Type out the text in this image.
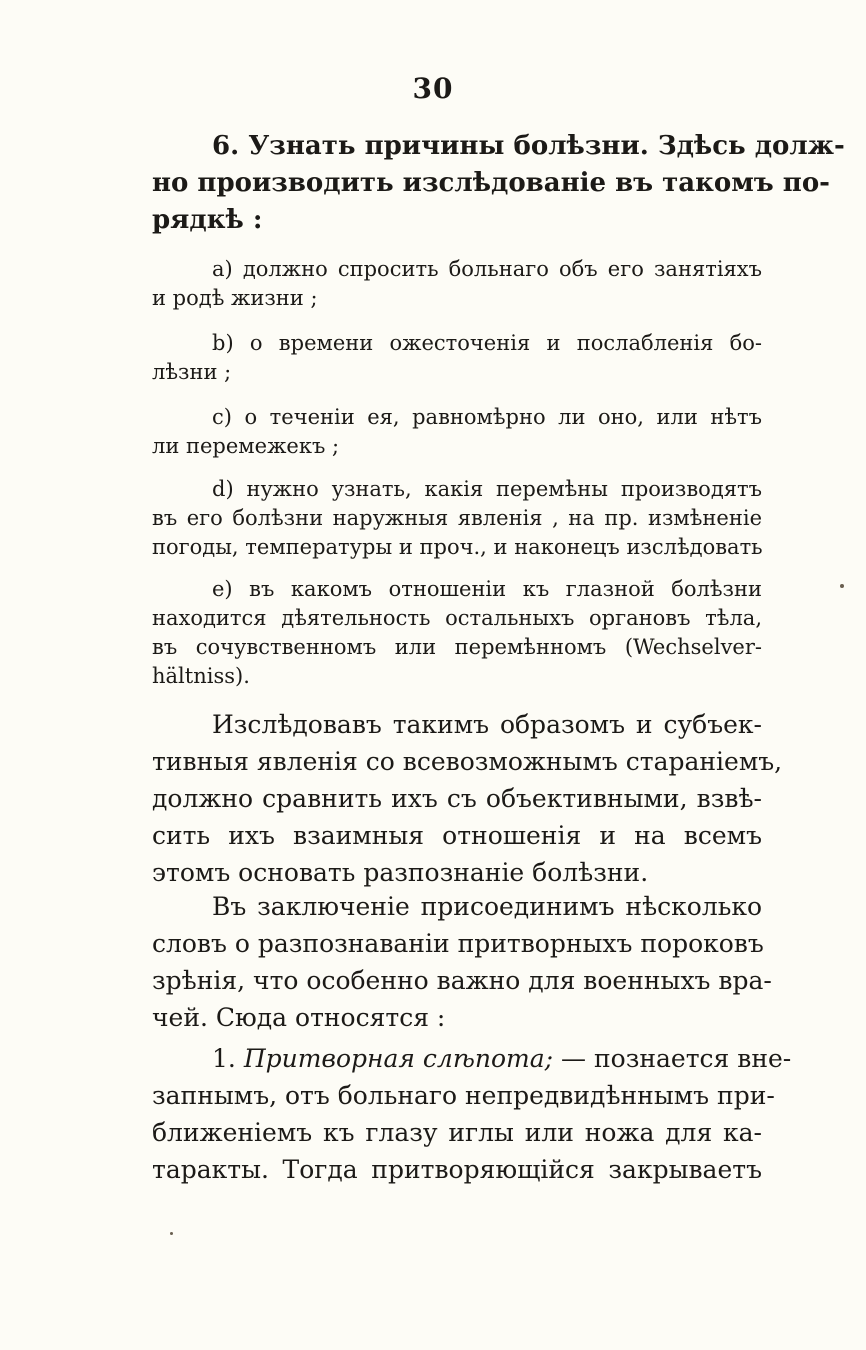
30
6. Узнать причины болѣзни. Здѣсь долж-
но производить изслѣдованіе въ такомъ по-
рядкѣ :
а) должно спросить больнаго объ его занятіяхъ
и родѣ жизни ;
b) о времени ожесточенія и послабленія бо-
лѣзни ;
с) о теченіи ея, равномѣрно ли оно, или нѣтъ
ли перемежекъ ;
d) нужно узнать, какія перемѣны производятъ
въ его болѣзни наружныя явленія , на пр. измѣненіе
погоды, температуры и проч., и наконецъ изслѣдовать
е) въ какомъ отношеніи къ глазной болѣзни
находится дѣятельность остальныхъ органовъ тѣла,
въ сочувственномъ или перемѣнномъ (Wechselver-
hältniss).
Изслѣдовавъ такимъ образомъ и субъек-
тивныя явленія со всевозможнымъ стараніемъ,
должно сравнить ихъ съ объективными, взвѣ-
сить ихъ взаимныя отношенія и на всемъ
этомъ основать разпознаніе болѣзни.
Въ заключеніе присоединимъ нѣсколько
словъ о разпознаваніи притворныхъ пороковъ
зрѣнія, что особенно важно для военныхъ вра-
чей. Сюда относятся :
1. Притворная слѣпота; — познается вне-
запнымъ, отъ больнаго непредвидѣннымъ при-
ближеніемъ къ глазу иглы или ножа для ка-
таракты. Тогда притворяющійся закрываетъ
